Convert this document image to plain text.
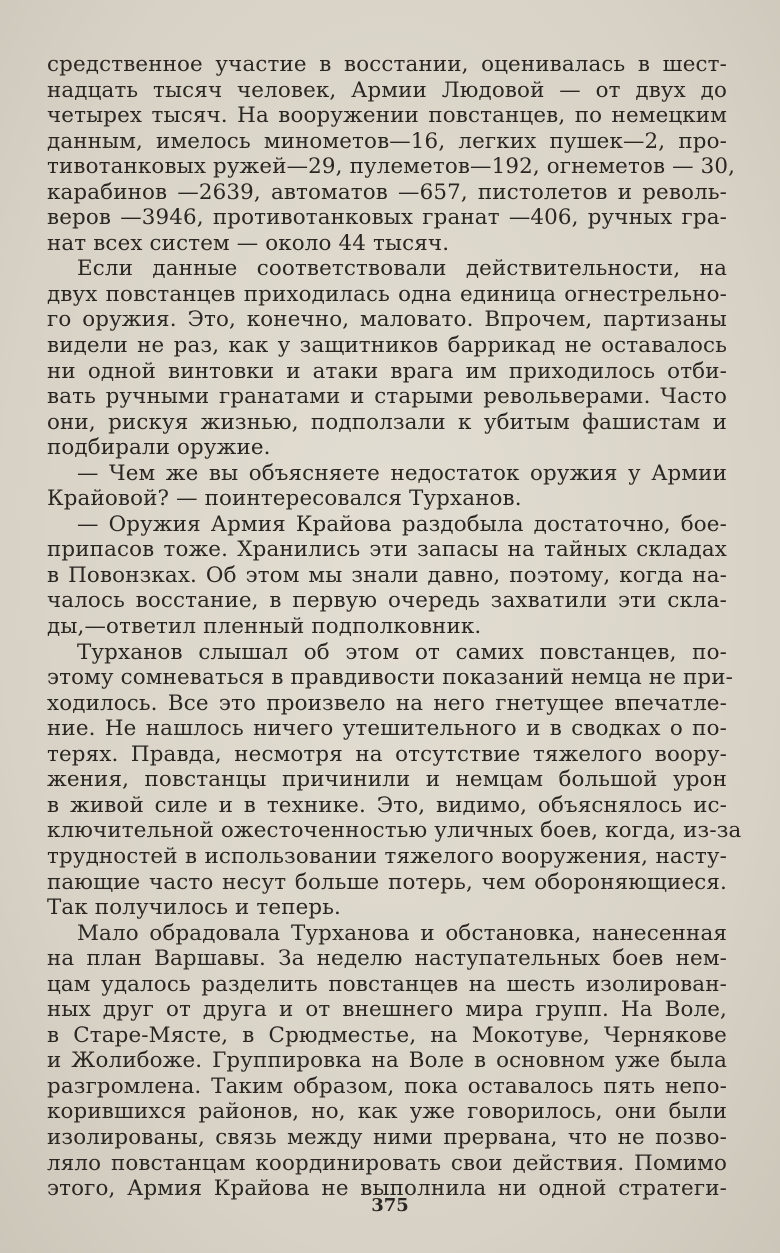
средственное участие в восстании, оценивалась в шест-
надцать тысяч человек, Армии Людовой — от двух до
четырех тысяч. На вооружении повстанцев, по немецким
данным, имелось минометов—16, легких пушек—2, про-
тивотанковых ружей—29, пулеметов—192, огнеметов — 30,
карабинов —2639, автоматов —657, пистолетов и револь-
веров —3946, противотанковых гранат —406, ручных гра-
нат всех систем — около 44 тысяч.
Если данные соответствовали действительности, на
двух повстанцев приходилась одна единица огнестрельно-
го оружия. Это, конечно, маловато. Впрочем, партизаны
видели не раз, как у защитников баррикад не оставалось
ни одной винтовки и атаки врага им приходилось отби-
вать ручными гранатами и старыми револьверами. Часто
они, рискуя жизнью, подползали к убитым фашистам и
подбирали оружие.
— Чем же вы объясняете недостаток оружия у Армии
Крайовой? — поинтересовался Турханов.
— Оружия Армия Крайова раздобыла достаточно, бое-
припасов тоже. Хранились эти запасы на тайных складах
в Повонзках. Об этом мы знали давно, поэтому, когда на-
чалось восстание, в первую очередь захватили эти скла-
ды,—ответил пленный подполковник.
Турханов слышал об этом от самих повстанцев, по-
этому сомневаться в правдивости показаний немца не при-
ходилось. Все это произвело на него гнетущее впечатле-
ние. Не нашлось ничего утешительного и в сводках о по-
терях. Правда, несмотря на отсутствие тяжелого воору-
жения, повстанцы причинили и немцам большой урон
в живой силе и в технике. Это, видимо, объяснялось ис-
ключительной ожесточенностью уличных боев, когда, из-за
трудностей в использовании тяжелого вооружения, насту-
пающие часто несут больше потерь, чем обороняющиеся.
Так получилось и теперь.
Мало обрадовала Турханова и обстановка, нанесенная
на план Варшавы. За неделю наступательных боев нем-
цам удалось разделить повстанцев на шесть изолирован-
ных друг от друга и от внешнего мира групп. На Воле,
в Старе-Мясте, в Срюдместье, на Мокотуве, Чернякове
и Жолибоже. Группировка на Воле в основном уже была
разгромлена. Таким образом, пока оставалось пять непо-
корившихся районов, но, как уже говорилось, они были
изолированы, связь между ними прервана, что не позво-
ляло повстанцам координировать свои действия. Помимо
этого, Армия Крайова не выполнила ни одной стратеги-
375
